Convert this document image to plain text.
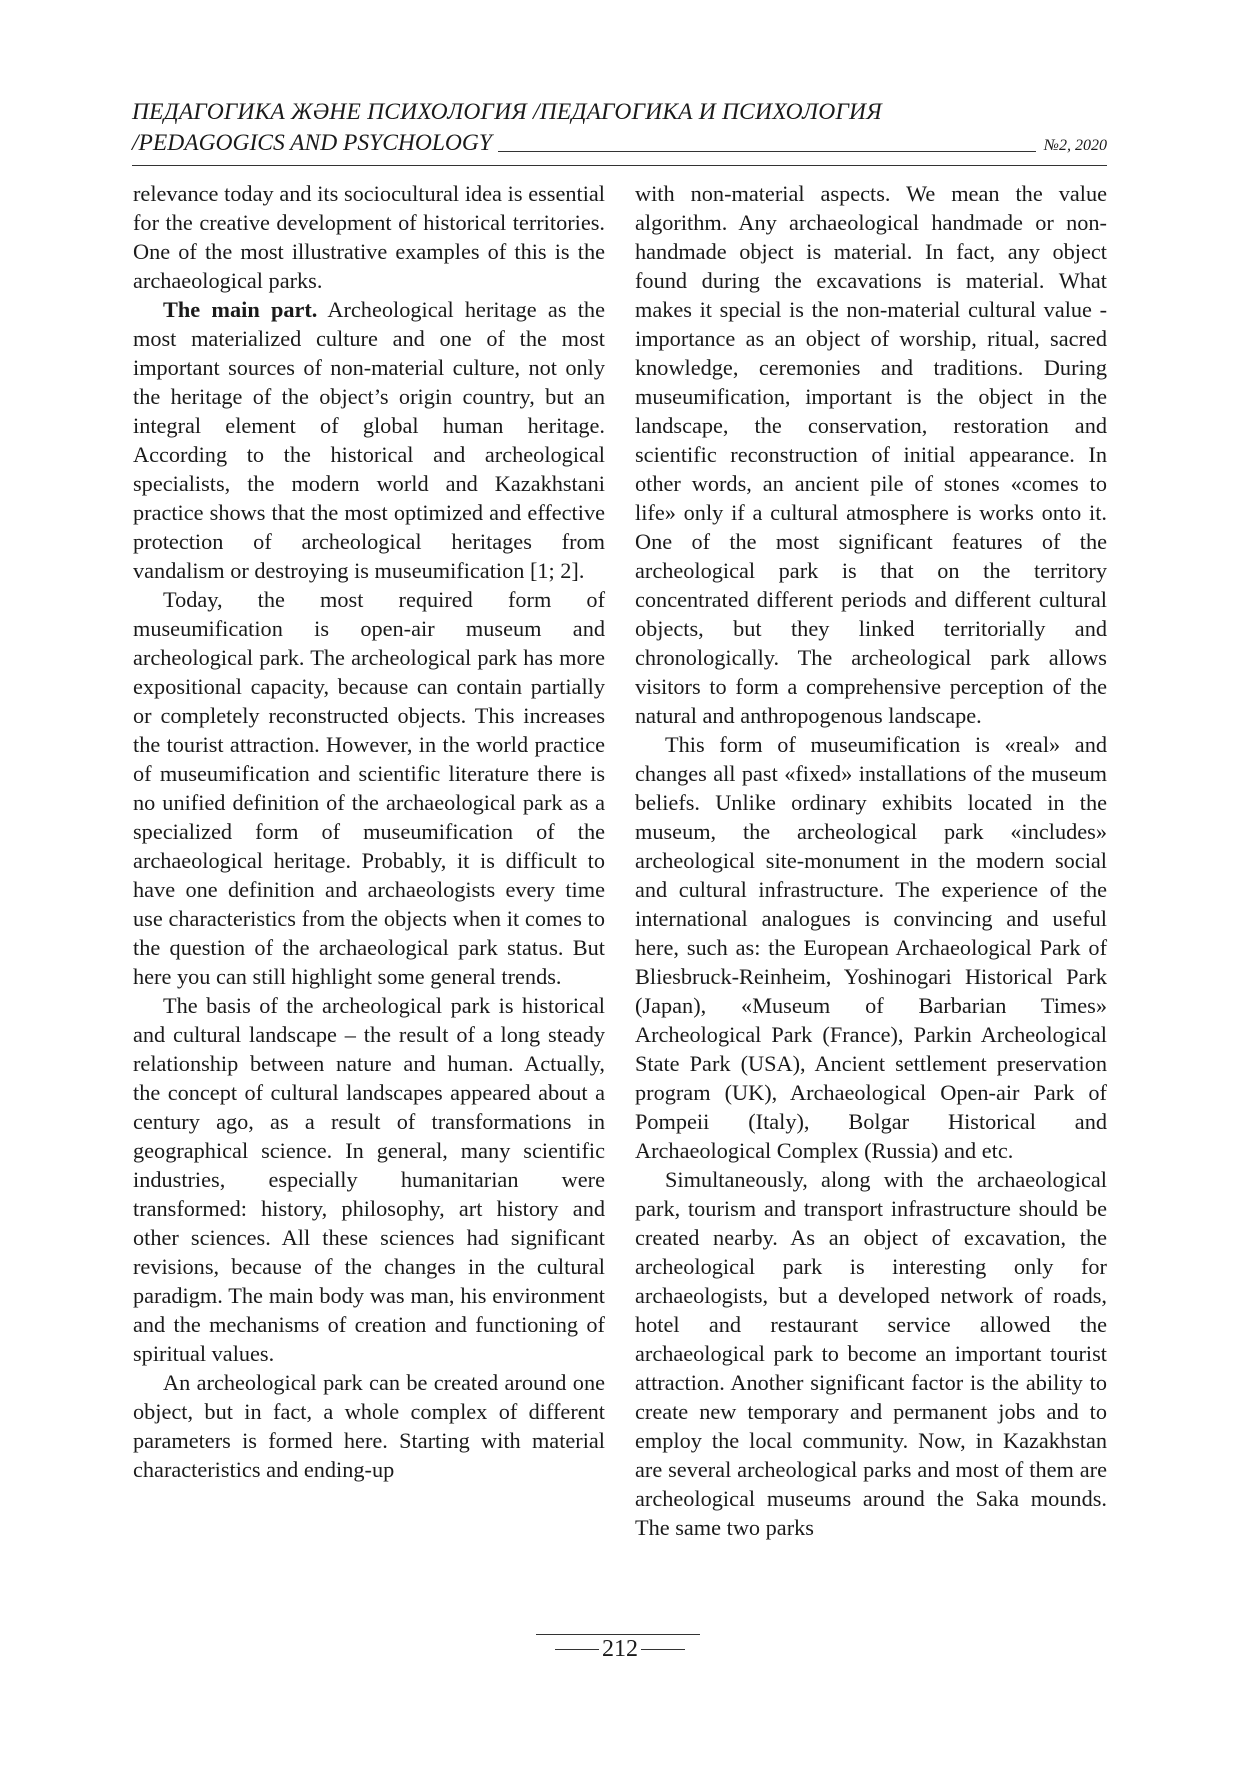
ПЕДАГОГИКА ЖӘНЕ ПСИХОЛОГИЯ /ПЕДАГОГИКА И ПСИХОЛОГИЯ
/PEDAGOGICS AND PSYCHOLOGY	№2, 2020

relevance today and its sociocultural idea is essential for the creative development of historical territories. One of the most illustrative examples of this is the archaeological parks.

The main part. Archeological heritage as the most materialized culture and one of the most important sources of non-material culture, not only the heritage of the object’s origin country, but an integral element of global human heritage. According to the historical and archeological specialists, the modern world and Kazakhstani practice shows that the most optimized and effective protection of archeological heritages from vandalism or destroying is museumification [1; 2].

Today, the most required form of museumification is open-air museum and archeological park. The archeological park has more expositional capacity, because can contain partially or completely reconstructed objects. This increases the tourist attraction. However, in the world practice of museumification and scientific literature there is no unified definition of the archaeological park as a specialized form of museumification of the archaeological heritage. Probably, it is difficult to have one definition and archaeologists every time use characteristics from the objects when it comes to the question of the archaeological park status. But here you can still highlight some general trends.

The basis of the archeological park is historical and cultural landscape – the result of a long steady relationship between nature and human. Actually, the concept of cultural landscapes appeared about a century ago, as a result of transformations in geographical science. In general, many scientific industries, especially humanitarian were transformed: history, philosophy, art history and other sciences. All these sciences had significant revisions, because of the changes in the cultural paradigm. The main body was man, his environment and the mechanisms of creation and functioning of spiritual values.

An archeological park can be created around one object, but in fact, a whole complex of different parameters is formed here. Starting with material characteristics and ending-up

with non-material aspects. We mean the value algorithm. Any archaeological handmade or non-handmade object is material. In fact, any object found during the excavations is material. What makes it special is the non-material cultural value - importance as an object of worship, ritual, sacred knowledge, ceremonies and traditions. During museumification, important is the object in the landscape, the conservation, restoration and scientific reconstruction of initial appearance. In other words, an ancient pile of stones «comes to life» only if a cultural atmosphere is works onto it. One of the most significant features of the archeological park is that on the territory concentrated different periods and different cultural objects, but they linked territorially and chronologically. The archeological park allows visitors to form a comprehensive perception of the natural and anthropogenous landscape.

This form of museumification is «real» and changes all past «fixed» installations of the museum beliefs. Unlike ordinary exhibits located in the museum, the archeological park «includes» archeological site-monument in the modern social and cultural infrastructure. The experience of the international analogues is convincing and useful here, such as: the European Archaeological Park of Bliesbruck-Reinheim, Yoshinogari Historical Park (Japan), «Museum of Barbarian Times» Archeological Park (France), Parkin Archeological State Park (USA), Ancient settlement preservation program (UK), Archaeological Open-air Park of Pompeii (Italy), Bolgar Historical and Archaeological Complex (Russia) and etc.

Simultaneously, along with the archaeological park, tourism and transport infrastructure should be created nearby. As an object of excavation, the archeological park is interesting only for archaeologists, but a developed network of roads, hotel and restaurant service allowed the archaeological park to become an important tourist attraction. Another significant factor is the ability to create new temporary and permanent jobs and to employ the local community. Now, in Kazakhstan are several archeological parks and most of them are archeological museums around the Saka mounds. The same two parks

212
